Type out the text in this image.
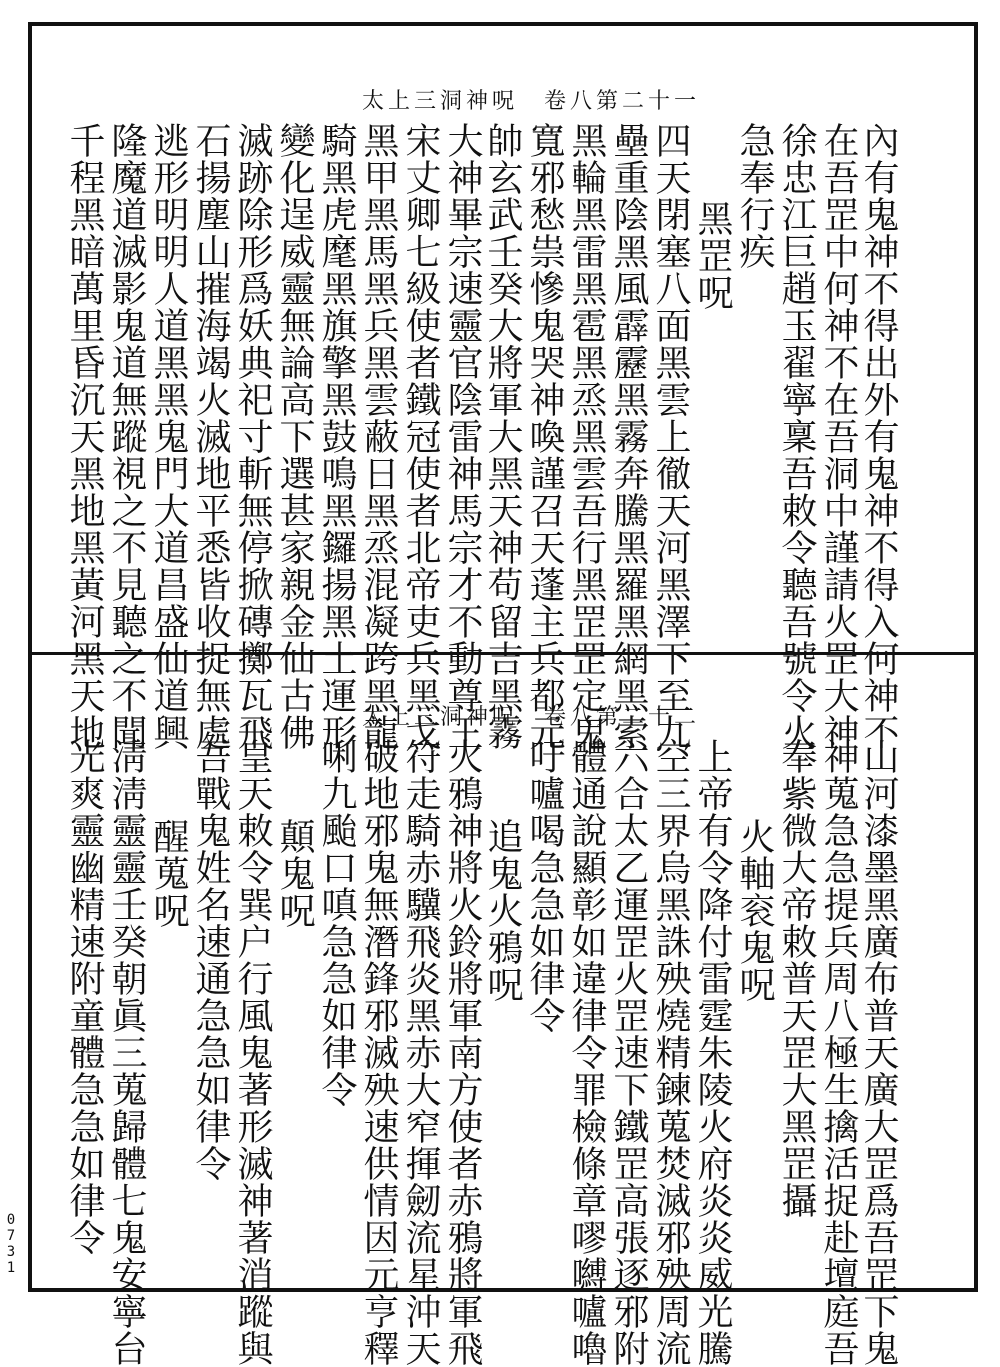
一十二第八卷　呪神洞三上太
內有鬼神不得出外有鬼神不得入何神不
在吾罡中何神不在吾洞中謹請火罡大神
徐忠江巨趙玉翟寧稟吾敕令聽吾號令火
急奉行疾
黑罡呪
四天閉塞八面黑雲上徹天河黑澤下至九
壘重陰黑風霹靂黑霧奔騰黑羅黑網黑索
黑輪黑雷黑雹黑烝黑雲吾行黑罡罡定鬼
寬邪愁祟慘鬼哭神喚謹召天蓬主兵都元
帥玄武壬癸大將軍大黑天神苟留吉黑霧
大神畢宗速靈官陰雷神馬宗才不動尊王
宋丈卿七級使者鐵冠使者北帝吏兵黑戈
黑甲黑馬黑兵黑雲蔽日黑烝混凝跨黑龍
騎黑虎麾黑旗擎黑鼓鳴黑鑼揚黑土運形
變化逞威靈無論高下選甚家親金仙古佛
滅跡除形爲妖典祀寸斬無停掀磚擲瓦飛
石揚塵山摧海竭火滅地平悉皆收捉無處
逃形明明人道黑黑鬼門大道昌盛仙道興
隆魔道滅影鬼道無蹤視之不見聽之不聞
千程黑暗萬里昏沉天黑地黑黃河黑天地	二十二第八卷　呪神洞三上太
山河漆墨黑廣布普天廣大罡爲吾罡下鬼
神蒐急急提兵周八極生擒活捉赴壇庭吾
奉紫微大帝敕普天罡大黑罡攝
火軸衮鬼呪
上帝有令降付雷霆朱陵火府炎炎威光騰
空三界烏黑誅殃燒精鍊蒐焚滅邪殃周流
六合太乙運罡火罡速下鐵罡高張逐邪附
體通說顯彰如違律令罪檢條章嘐嚩嚧嚕
吁嚧喝急急如律令
追鬼火鴉呪
火鴉神將火鈴將軍南方使者赤鴉將軍飛
符走騎赤驥飛炎黑赤大窄揮劒流星沖天
破地邪鬼無潛鋒邪滅殃速供情因元亨釋
唎九颱口嗔急急如律令
顛鬼呪
皇天敕令巽户行風鬼著形滅神著消蹤與
吾戰鬼姓名速通急急如律令
醒蒐呪
淸淸靈靈壬癸朝眞三蒐歸體七鬼安寧台
光爽靈幽精速附童體急急如律令
0731
